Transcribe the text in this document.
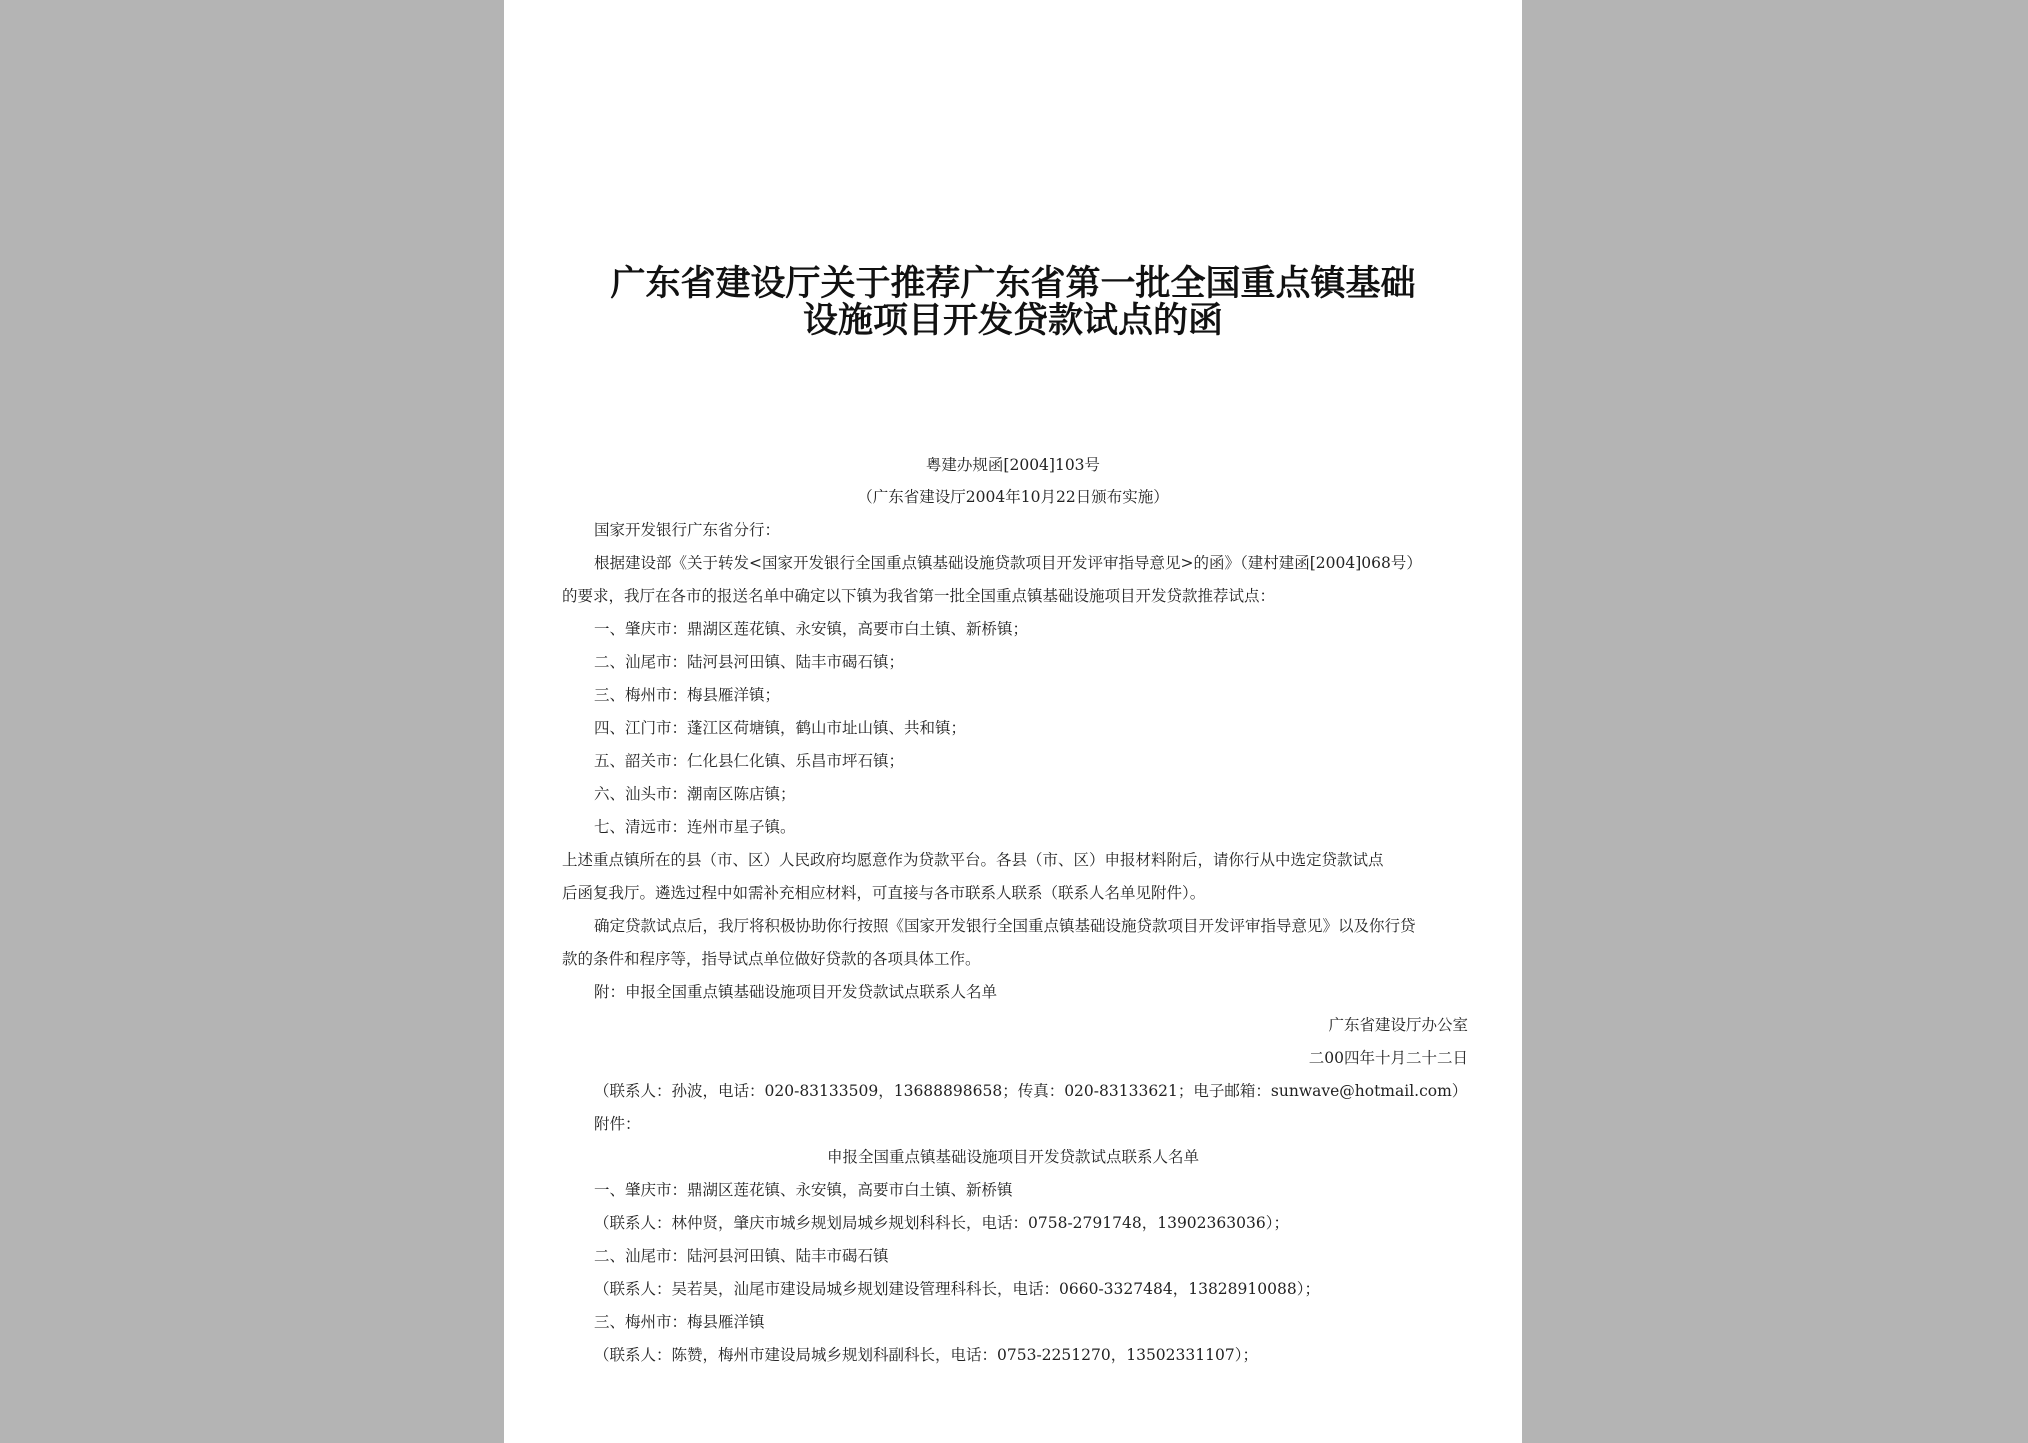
广东省建设厅关于推荐广东省第一批全国重点镇基础
设施项目开发贷款试点的函
粤建办规函[2004]103号
（广东省建设厅2004年10月22日颁布实施）
国家开发银行广东省分行：
根据建设部《关于转发<国家开发银行全国重点镇基础设施贷款项目开发评审指导意见>的函》（建村建函[2004]068号）
的要求，我厅在各市的报送名单中确定以下镇为我省第一批全国重点镇基础设施项目开发贷款推荐试点：
一、肇庆市：鼎湖区莲花镇、永安镇，高要市白土镇、新桥镇；
二、汕尾市：陆河县河田镇、陆丰市碣石镇；
三、梅州市：梅县雁洋镇；
四、江门市：蓬江区荷塘镇，鹤山市址山镇、共和镇；
五、韶关市：仁化县仁化镇、乐昌市坪石镇；
六、汕头市：潮南区陈店镇；
七、清远市：连州市星子镇。
上述重点镇所在的县（市、区）人民政府均愿意作为贷款平台。各县（市、区）申报材料附后，请你行从中选定贷款试点
后函复我厅。遴选过程中如需补充相应材料，可直接与各市联系人联系（联系人名单见附件）。
确定贷款试点后，我厅将积极协助你行按照《国家开发银行全国重点镇基础设施贷款项目开发评审指导意见》以及你行贷
款的条件和程序等，指导试点单位做好贷款的各项具体工作。
附：申报全国重点镇基础设施项目开发贷款试点联系人名单
广东省建设厅办公室
二00四年十月二十二日
（联系人：孙波，电话：020-83133509，13688898658；传真：020-83133621；电子邮箱：sunwave@hotmail.com）
附件：
申报全国重点镇基础设施项目开发贷款试点联系人名单
一、肇庆市：鼎湖区莲花镇、永安镇，高要市白土镇、新桥镇
（联系人：林仲贤，肇庆市城乡规划局城乡规划科科长，电话：0758-2791748，13902363036）；
二、汕尾市：陆河县河田镇、陆丰市碣石镇
（联系人：吴若昊，汕尾市建设局城乡规划建设管理科科长，电话：0660-3327484，13828910088）；
三、梅州市：梅县雁洋镇
（联系人：陈赞，梅州市建设局城乡规划科副科长，电话：0753-2251270，13502331107）；
